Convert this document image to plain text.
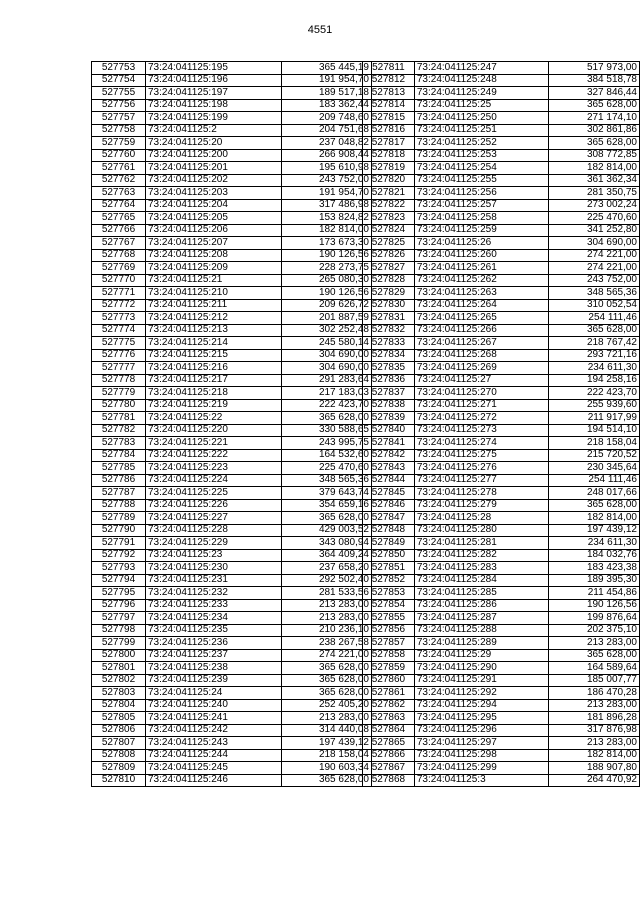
4551
527753	73:24:041125:195	365 445,19
527754	73:24:041125:196	191 954,70
527755	73:24:041125:197	189 517,18
527756	73:24:041125:198	183 362,44
527757	73:24:041125:199	209 748,60
527758	73:24:041125:2	204 751,68
527759	73:24:041125:20	237 048,82
527760	73:24:041125:200	266 908,44
527761	73:24:041125:201	195 610,98
527762	73:24:041125:202	243 752,00
527763	73:24:041125:203	191 954,70
527764	73:24:041125:204	317 486,98
527765	73:24:041125:205	153 824,82
527766	73:24:041125:206	182 814,00
527767	73:24:041125:207	173 673,30
527768	73:24:041125:208	190 126,56
527769	73:24:041125:209	228 273,75
527770	73:24:041125:21	265 080,30
527771	73:24:041125:210	190 126,56
527772	73:24:041125:211	209 626,72
527773	73:24:041125:212	201 887,59
527774	73:24:041125:213	302 252,48
527775	73:24:041125:214	245 580,14
527776	73:24:041125:215	304 690,00
527777	73:24:041125:216	304 690,00
527778	73:24:041125:217	291 283,64
527779	73:24:041125:218	217 183,03
527780	73:24:041125:219	222 423,70
527781	73:24:041125:22	365 628,00
527782	73:24:041125:220	330 588,65
527783	73:24:041125:221	243 995,75
527784	73:24:041125:222	164 532,60
527785	73:24:041125:223	225 470,60
527786	73:24:041125:224	348 565,36
527787	73:24:041125:225	379 643,74
527788	73:24:041125:226	354 659,16
527789	73:24:041125:227	365 628,00
527790	73:24:041125:228	429 003,52
527791	73:24:041125:229	343 080,94
527792	73:24:041125:23	364 409,24
527793	73:24:041125:230	237 658,20
527794	73:24:041125:231	292 502,40
527795	73:24:041125:232	281 533,56
527796	73:24:041125:233	213 283,00
527797	73:24:041125:234	213 283,00
527798	73:24:041125:235	210 236,10
527799	73:24:041125:236	238 267,58
527800	73:24:041125:237	274 221,00
527801	73:24:041125:238	365 628,00
527802	73:24:041125:239	365 628,00
527803	73:24:041125:24	365 628,00
527804	73:24:041125:240	252 405,20
527805	73:24:041125:241	213 283,00
527806	73:24:041125:242	314 440,08
527807	73:24:041125:243	197 439,12
527808	73:24:041125:244	218 158,04
527809	73:24:041125:245	190 603,34
527810	73:24:041125:246	365 628,00
527811	73:24:041125:247	517 973,00
527812	73:24:041125:248	384 518,78
527813	73:24:041125:249	327 846,44
527814	73:24:041125:25	365 628,00
527815	73:24:041125:250	271 174,10
527816	73:24:041125:251	302 861,86
527817	73:24:041125:252	365 628,00
527818	73:24:041125:253	308 772,85
527819	73:24:041125:254	182 814,00
527820	73:24:041125:255	361 362,34
527821	73:24:041125:256	281 350,75
527822	73:24:041125:257	273 002,24
527823	73:24:041125:258	225 470,60
527824	73:24:041125:259	341 252,80
527825	73:24:041125:26	304 690,00
527826	73:24:041125:260	274 221,00
527827	73:24:041125:261	274 221,00
527828	73:24:041125:262	243 752,00
527829	73:24:041125:263	348 565,36
527830	73:24:041125:264	310 052,54
527831	73:24:041125:265	254 111,46
527832	73:24:041125:266	365 628,00
527833	73:24:041125:267	218 767,42
527834	73:24:041125:268	293 721,16
527835	73:24:041125:269	234 611,30
527836	73:24:041125:27	194 258,16
527837	73:24:041125:270	222 423,70
527838	73:24:041125:271	255 939,60
527839	73:24:041125:272	211 917,99
527840	73:24:041125:273	194 514,10
527841	73:24:041125:274	218 158,04
527842	73:24:041125:275	215 720,52
527843	73:24:041125:276	230 345,64
527844	73:24:041125:277	254 111,46
527845	73:24:041125:278	248 017,66
527846	73:24:041125:279	365 628,00
527847	73:24:041125:28	182 814,00
527848	73:24:041125:280	197 439,12
527849	73:24:041125:281	234 611,30
527850	73:24:041125:282	184 032,76
527851	73:24:041125:283	183 423,38
527852	73:24:041125:284	189 395,30
527853	73:24:041125:285	211 454,86
527854	73:24:041125:286	190 126,56
527855	73:24:041125:287	199 876,64
527856	73:24:041125:288	202 375,10
527857	73:24:041125:289	213 283,00
527858	73:24:041125:29	365 628,00
527859	73:24:041125:290	164 589,64
527860	73:24:041125:291	185 007,77
527861	73:24:041125:292	186 470,28
527862	73:24:041125:294	213 283,00
527863	73:24:041125:295	181 896,28
527864	73:24:041125:296	317 876,98
527865	73:24:041125:297	213 283,00
527866	73:24:041125:298	182 814,00
527867	73:24:041125:299	188 907,80
527868	73:24:041125:3	264 470,92
